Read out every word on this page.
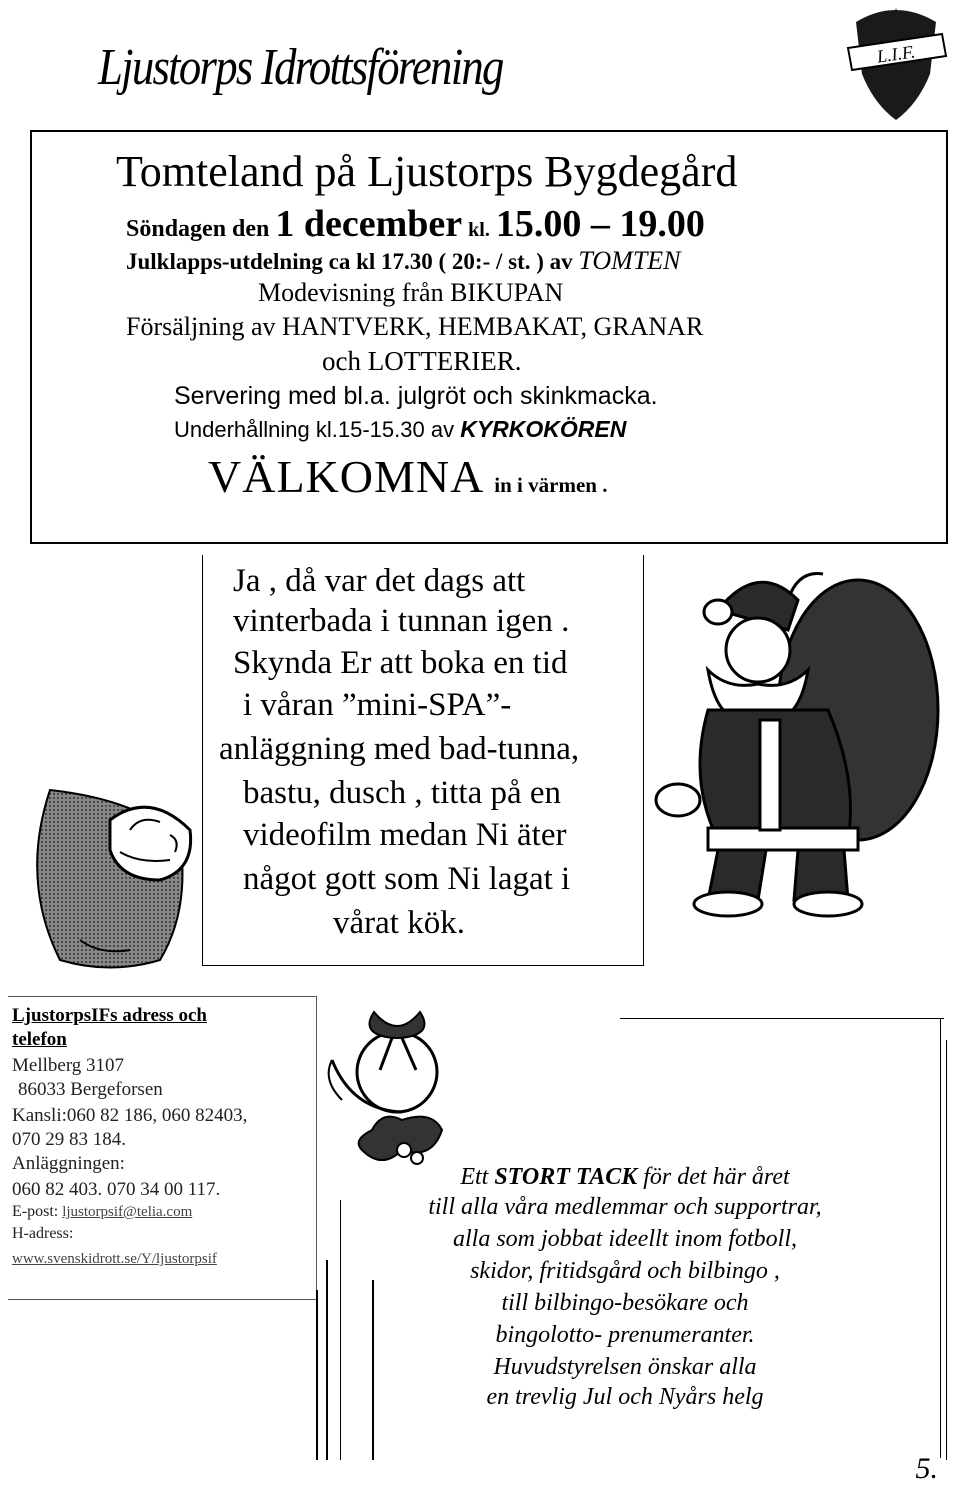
Ljustorps Idrottsförening	L.I.F.
Tomteland på Ljustorps Bygdegård
Söndagen den 1 december kl. 15.00 – 19.00
Julklapps-utdelning ca kl 17.30 ( 20:- / st. ) av TOMTEN
Modevisning från BIKUPAN
Försäljning av HANTVERK, HEMBAKAT, GRANAR
och LOTTERIER.
Servering med bl.a. julgröt och skinkmacka.
Underhållning kl.15-15.30 av KYRKOKÖREN
VÄLKOMNA in i värmen .
Ja , då var det dags att
vinterbada i tunnan igen .
Skynda Er att boka en tid
i våran ”mini-SPA”-
anläggning med bad-tunna,
bastu, dusch , titta på en
videofilm medan Ni äter
något gott som Ni lagat i
vårat kök.
LjustorpsIFs adress och
telefon
Mellberg 3107
86033 Bergeforsen
Kansli:060 82 186, 060 82403,
070 29 83 184.
Anläggningen:
060 82 403. 070 34 00 117.
E-post: ljustorpsif@telia.com
H-adress:
www.svenskidrott.se/Y/ljustorpsif
Ett STORT TACK för det här året
till alla våra medlemmar och supportrar,
alla som jobbat ideellt inom fotboll,
skidor, fritidsgård och bilbingo ,
till bilbingo-besökare och
bingolotto- prenumeranter.
Huvudstyrelsen önskar alla
en trevlig Jul och Nyårs helg
5.
